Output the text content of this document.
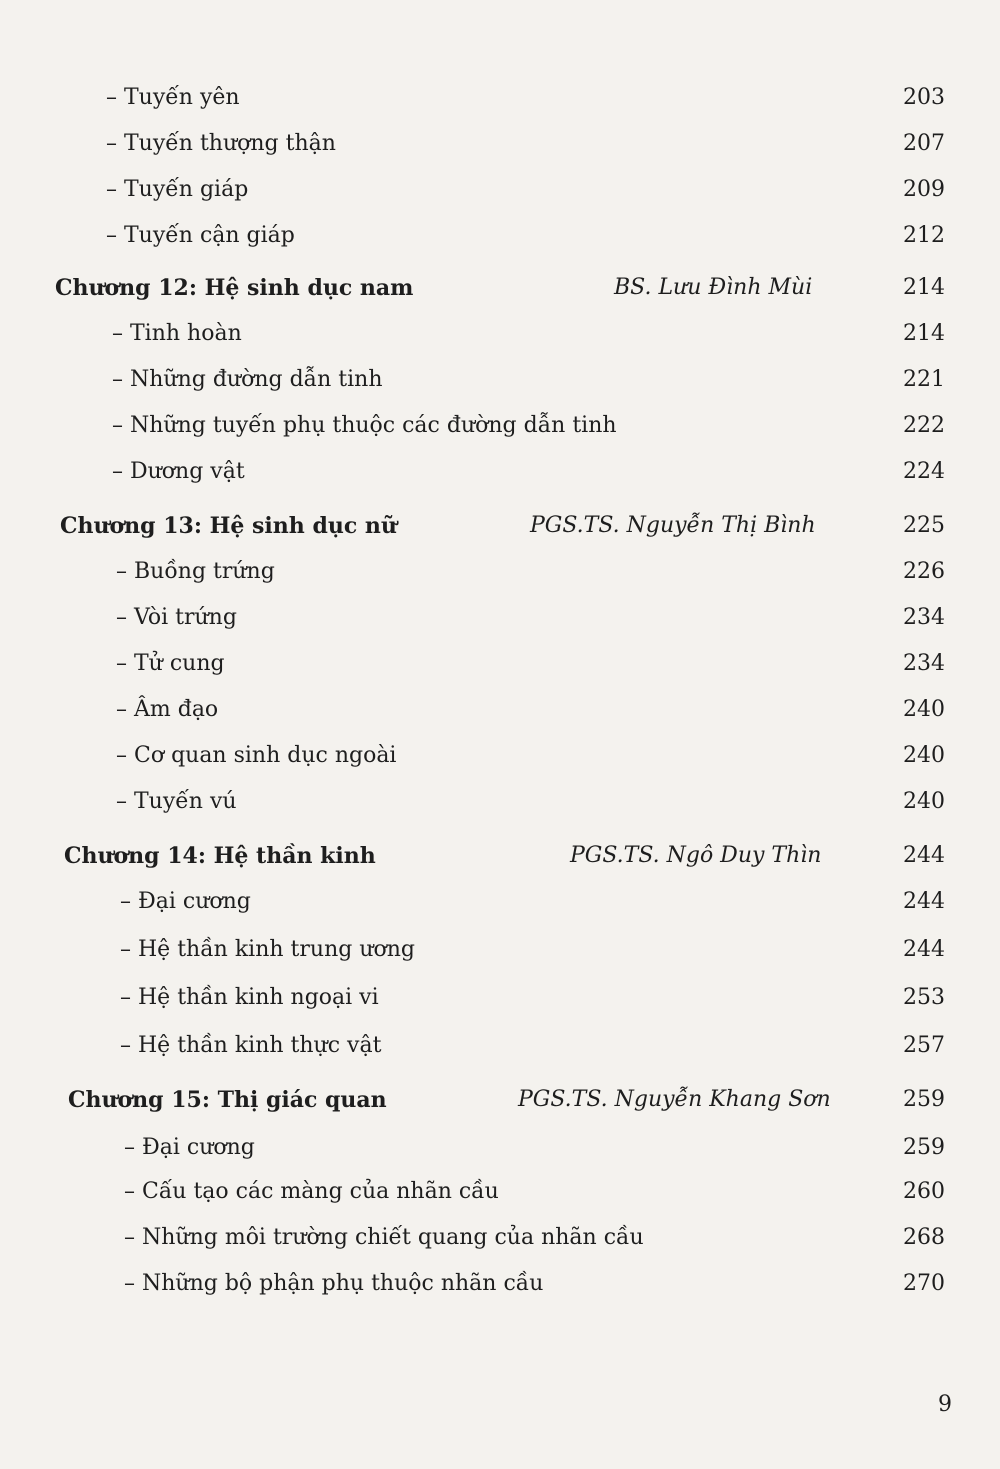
– Tuyến yên	203
– Tuyến thượng thận	207
– Tuyến giáp	209
– Tuyến cận giáp	212
Chương 12: Hệ sinh dục nam	BS. Lưu Đình Mùi	214
– Tinh hoàn	214
– Những đường dẫn tinh	221
– Những tuyến phụ thuộc các đường dẫn tinh	222
– Dương vật	224
Chương 13: Hệ sinh dục nữ	PGS.TS. Nguyễn Thị Bình	225
– Buồng trứng	226
– Vòi trứng	234
– Tử cung	234
– Âm đạo	240
– Cơ quan sinh dục ngoài	240
– Tuyến vú	240
Chương 14: Hệ thần kinh	PGS.TS. Ngô Duy Thìn	244
– Đại cương	244
– Hệ thần kinh trung ương	244
– Hệ thần kinh ngoại vi	253
– Hệ thần kinh thực vật	257
Chương 15: Thị giác quan	PGS.TS. Nguyễn Khang Sơn	259
– Đại cương	259
– Cấu tạo các màng của nhãn cầu	260
– Những môi trường chiết quang của nhãn cầu	268
– Những bộ phận phụ thuộc nhãn cầu	270
9
